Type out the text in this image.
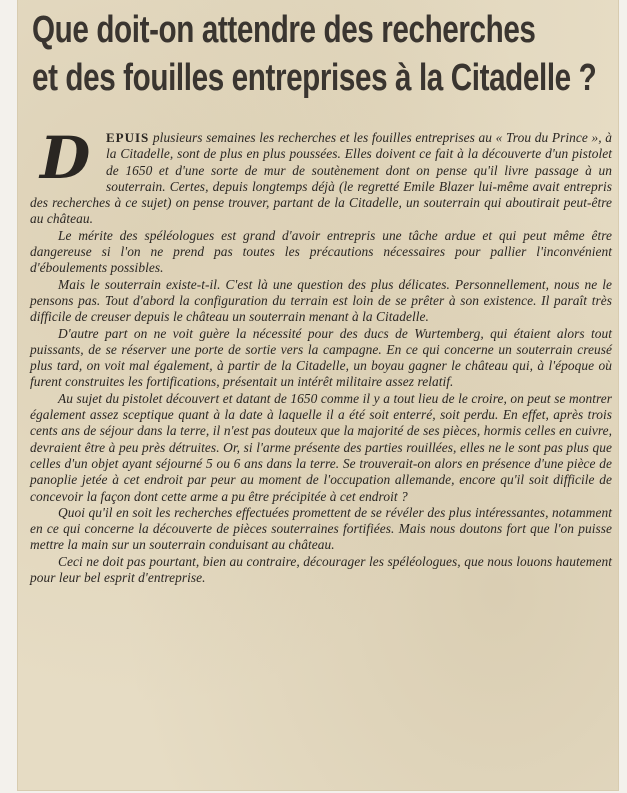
Que doit-on attendre des recherches
et des fouilles entreprises à la Citadelle ?

D	EPUIS plusieurs semaines les recherches et les fouilles entreprises au « Trou du Prince », à la Citadelle, sont de plus en plus poussées. Elles doivent ce fait à la découverte d'un pistolet de 1650 et d'une sorte de mur de soutènement dont on pense qu'il livre passage à un souterrain. Certes, depuis longtemps déjà (le regretté Emile Blazer lui-même avait entrepris des recherches à ce sujet) on pense trouver, partant de la Citadelle, un souterrain qui aboutirait peut-être au château.

Le mérite des spéléologues est grand d'avoir entrepris une tâche ardue et qui peut même être dangereuse si l'on ne prend pas toutes les précautions nécessaires pour pallier l'inconvénient d'éboulements possibles.

Mais le souterrain existe-t-il. C'est là une question des plus délicates. Personnellement, nous ne le pensons pas. Tout d'abord la configuration du terrain est loin de se prêter à son existence. Il paraît très difficile de creuser depuis le château un souterrain menant à la Citadelle.

D'autre part on ne voit guère la nécessité pour des ducs de Wurtemberg, qui étaient alors tout puissants, de se réserver une porte de sortie vers la campagne. En ce qui concerne un souterrain creusé plus tard, on voit mal également, à partir de la Citadelle, un boyau gagner le château qui, à l'époque où furent construites les fortifications, présentait un intérêt militaire assez relatif.

Au sujet du pistolet découvert et datant de 1650 comme il y a tout lieu de le croire, on peut se montrer également assez sceptique quant à la date à laquelle il a été soit enterré, soit perdu. En effet, après trois cents ans de séjour dans la terre, il n'est pas douteux que la majorité de ses pièces, hormis celles en cuivre, devraient être à peu près détruites. Or, si l'arme présente des parties rouillées, elles ne le sont pas plus que celles d'un objet ayant séjourné 5 ou 6 ans dans la terre. Se trouverait-on alors en présence d'une pièce de panoplie jetée à cet endroit par peur au moment de l'occupation allemande, encore qu'il soit difficile de concevoir la façon dont cette arme a pu être précipitée à cet endroit ?

Quoi qu'il en soit les recherches effectuées promettent de se révéler des plus intéressantes, notamment en ce qui concerne la découverte de pièces souterraines fortifiées. Mais nous doutons fort que l'on puisse mettre la main sur un souterrain conduisant au château.

Ceci ne doit pas pourtant, bien au contraire, décourager les spéléologues, que nous louons hautement pour leur bel esprit d'entreprise.
